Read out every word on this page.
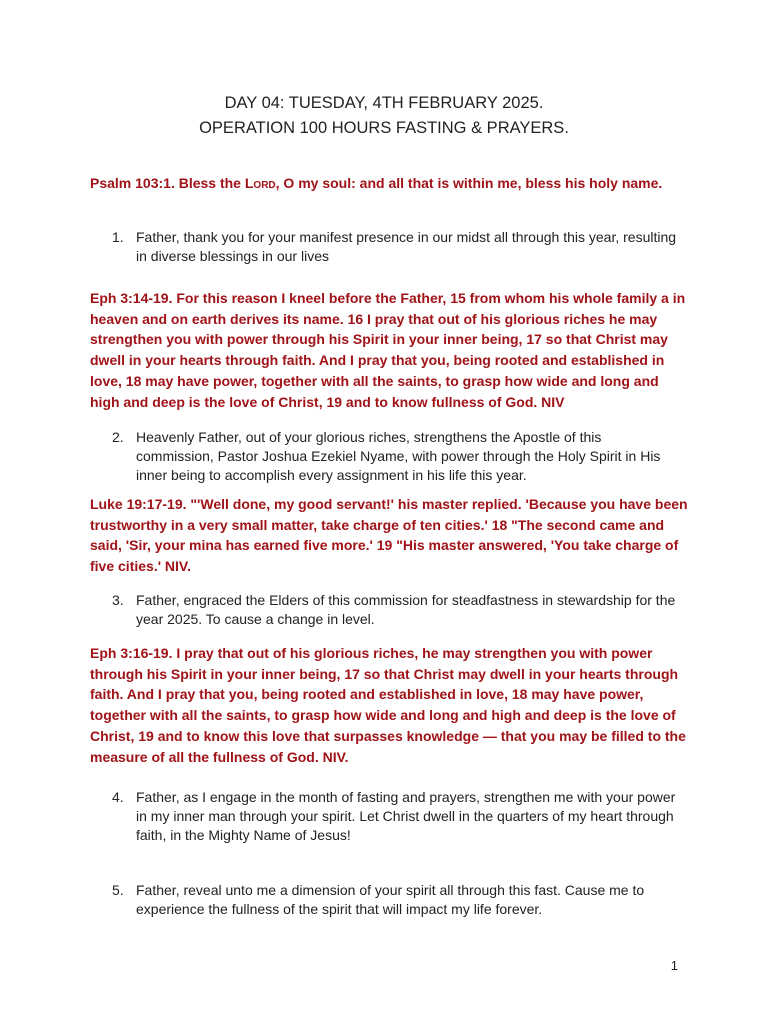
DAY 04: TUESDAY, 4TH FEBRUARY 2025.
OPERATION 100 HOURS FASTING & PRAYERS.

Psalm 103:1. Bless the Lord, O my soul: and all that is within me, bless his holy name.

1. Father, thank you for your manifest presence in our midst all through this year, resulting in diverse blessings in our lives

Eph 3:14-19. For this reason I kneel before the Father, 15 from whom his whole family a in heaven and on earth derives its name. 16 I pray that out of his glorious riches he may strengthen you with power through his Spirit in your inner being, 17 so that Christ may dwell in your hearts through faith. And I pray that you, being rooted and established in love, 18 may have power, together with all the saints, to grasp how wide and long and high and deep is the love of Christ, 19 and to know fullness of God. NIV

2. Heavenly Father, out of your glorious riches, strengthens the Apostle of this commission, Pastor Joshua Ezekiel Nyame, with power through the Holy Spirit in His inner being to accomplish every assignment in his life this year.

Luke 19:17-19. "'Well done, my good servant!' his master replied. 'Because you have been trustworthy in a very small matter, take charge of ten cities.' 18 "The second came and said, 'Sir, your mina has earned five more.' 19 "His master answered, 'You take charge of five cities.' NIV.

3. Father, engraced the Elders of this commission for steadfastness in stewardship for the year 2025. To cause a change in level.

Eph 3:16-19. I pray that out of his glorious riches, he may strengthen you with power through his Spirit in your inner being, 17 so that Christ may dwell in your hearts through faith. And I pray that you, being rooted and established in love, 18 may have power, together with all the saints, to grasp how wide and long and high and deep is the love of Christ, 19 and to know this love that surpasses knowledge — that you may be filled to the measure of all the fullness of God. NIV.

4. Father, as I engage in the month of fasting and prayers, strengthen me with your power in my inner man through your spirit. Let Christ dwell in the quarters of my heart through faith, in the Mighty Name of Jesus!
5. Father, reveal unto me a dimension of your spirit all through this fast. Cause me to experience the fullness of the spirit that will impact my life forever.
1
